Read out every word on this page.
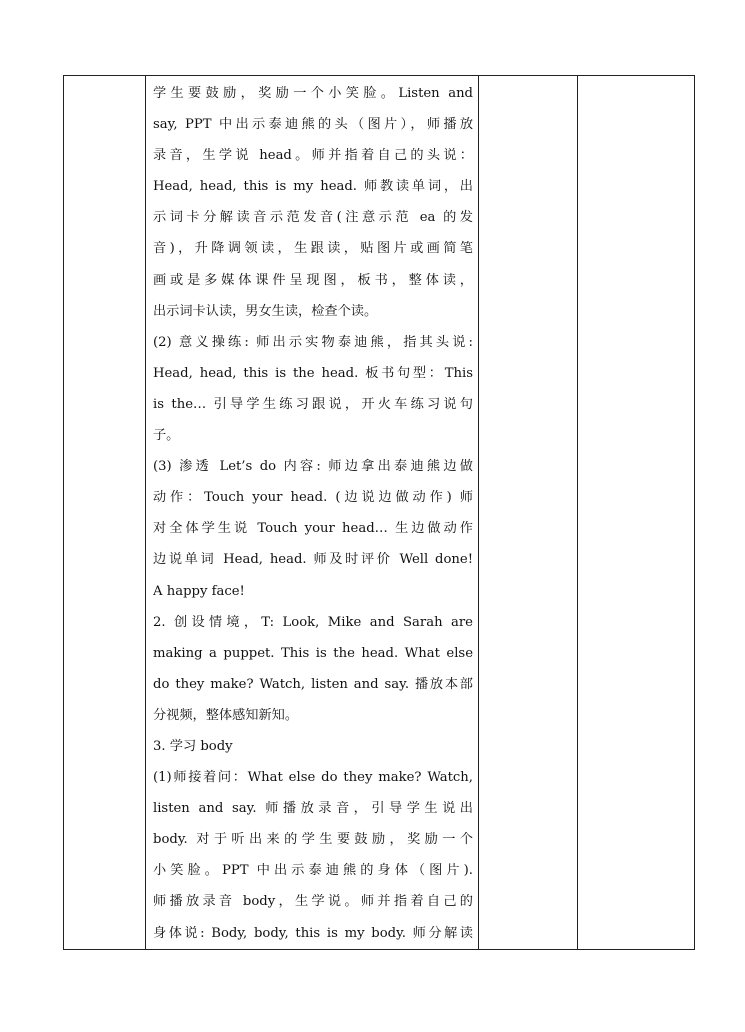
学生要鼓励，奖励一个小笑脸。Listen and
say, PPT 中出示泰迪熊的头（图片），师播放
录音，生学说 head。师并指着自己的头说：
Head, head, this is my head. 师教读单词，出
示词卡分解读音示范发音(注意示范 ea 的发
音)，升降调领读，生跟读，贴图片或画简笔
画或是多媒体课件呈现图，板书，整体读，
出示词卡认读，男女生读，检查个读。
(2) 意义操练: 师出示实物泰迪熊，指其头说:
Head, head, this is the head. 板书句型：This
is the… 引导学生练习跟说，开火车练习说句
子。
(3) 渗透 Let’s do 内容: 师边拿出泰迪熊边做
动作：Touch your head. (边说边做动作) 师
对全体学生说 Touch your head… 生边做动作
边说单词 Head, head. 师及时评价 Well done!
A happy face!
2. 创设情境，T: Look, Mike and Sarah are
making a puppet. This is the head. What else
do they make? Watch, listen and say. 播放本部
分视频，整体感知新知。
3. 学习 body
(1)师接着问：What else do they make? Watch,
listen and say. 师播放录音，引导学生说出
body. 对于听出来的学生要鼓励，奖励一个
小笑脸。PPT 中出示泰迪熊的身体（图片).
师播放录音 body，生学说。师并指着自己的
身体说: Body, body, this is my body. 师分解读
